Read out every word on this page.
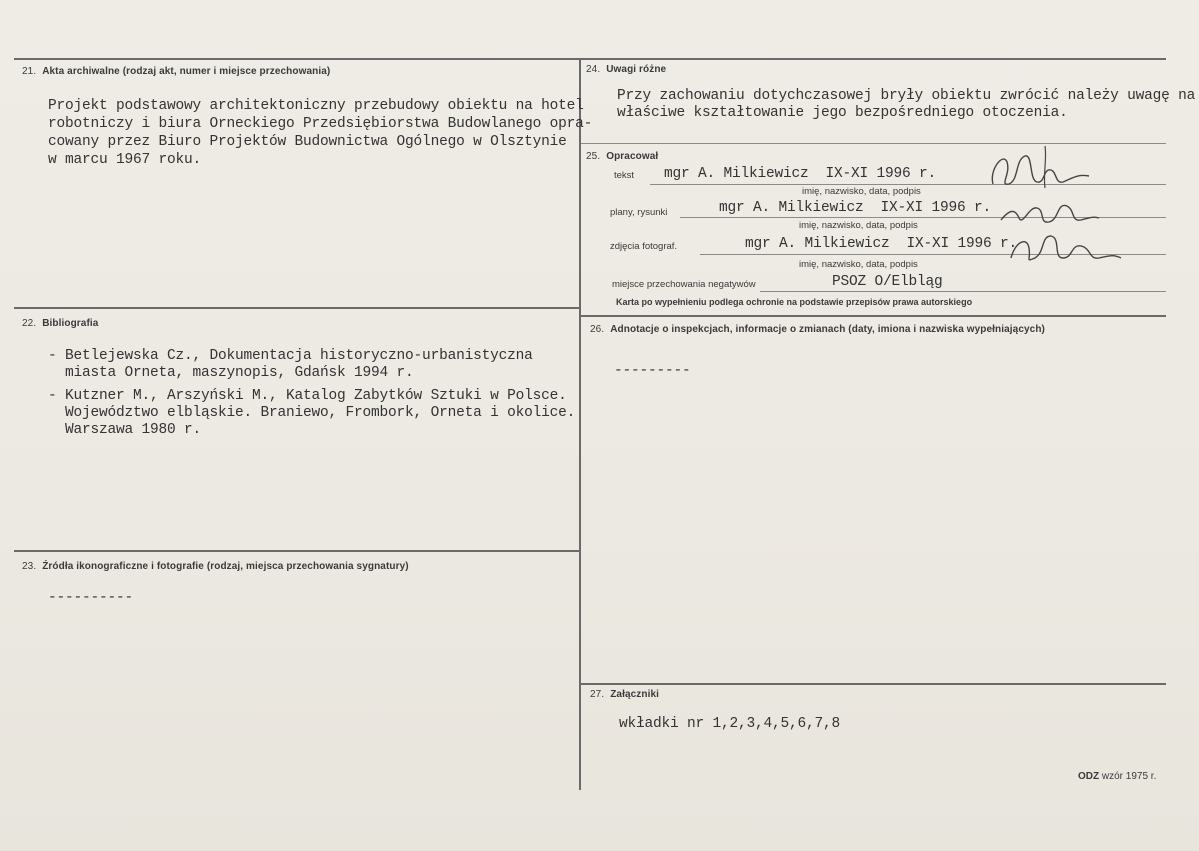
21. Akta archiwalne (rodzaj akt, numer i miejsce przechowania)
Projekt podstawowy architektoniczny przebudowy obiektu na hotel
robotniczy i biura Orneckiego Przedsiębiorstwa Budowlanego opra-
cowany przez Biuro Projektów Budownictwa Ogólnego w Olsztynie
w marcu 1967 roku.
22. Bibliografia
- Betlejewska Cz., Dokumentacja historyczno-urbanistyczna
miasta Orneta, maszynopis, Gdańsk 1994 r.
- Kutzner M., Arszyński M., Katalog Zabytków Sztuki w Polsce.
Województwo elbląskie. Braniewo, Frombork, Orneta i okolice.
Warszawa 1980 r.
23. Źródła ikonograficzne i fotografie (rodzaj, miejsca przechowania sygnatury)
----------
24. Uwagi różne
Przy zachowaniu dotychczasowej bryły obiektu zwrócić należy uwagę na
właściwe kształtowanie jego bezpośredniego otoczenia.
25. Opracował
tekst mgr A. Milkiewicz  IX-XI 1996 r.
imię, nazwisko, data, podpis
plany, rysunki	mgr A. Milkiewicz  IX-XI 1996 r.
imię, nazwisko, data, podpis
zdjęcia fotograf.	mgr A. Milkiewicz  IX-XI 1996 r.
imię, nazwisko, data, podpis
miejsce przechowania negatywów	PSOZ O/Elbląg
Karta po wypełnieniu podlega ochronie na podstawie przepisów prawa autorskiego
26. Adnotacje o inspekcjach, informacje o zmianach (daty, imiona i nazwiska wypełniających)
---------
27. Załączniki
wkładki nr 1,2,3,4,5,6,7,8
ODZ wzór 1975 r.
